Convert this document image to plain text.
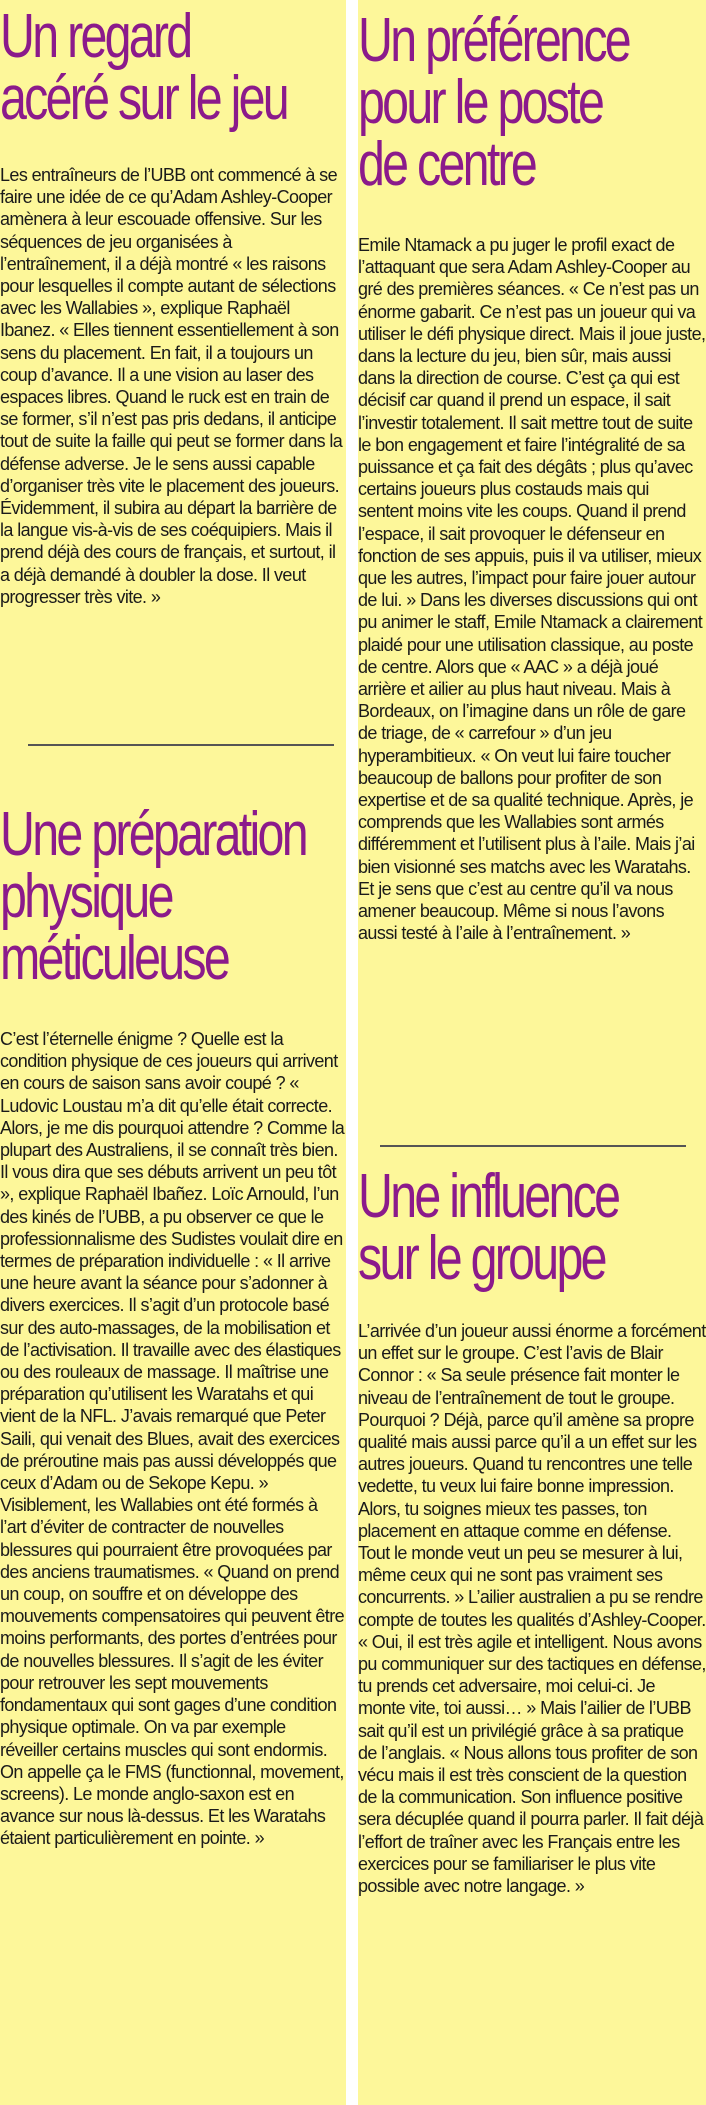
Un regard
acéré sur le jeu

Les entraîneurs de l’UBB ont commencé à se faire une idée de ce qu’Adam Ashley-Cooper amènera à leur escouade offensive. Sur les séquences de jeu organisées à l’entraînement, il a déjà montré « les raisons pour lesquelles il compte autant de sélections avec les Wallabies », explique Raphaël Ibanez. « Elles tiennent essentiellement à son sens du placement. En fait, il a toujours un coup d’avance. Il a une vision au laser des espaces libres. Quand le ruck est en train de se former, s’il n’est pas pris dedans, il anticipe tout de suite la faille qui peut se former dans la défense adverse. Je le sens aussi capable d’organiser très vite le placement des joueurs. Évidemment, il subira au départ la barrière de la langue vis-à-vis de ses coéquipiers. Mais il prend déjà des cours de français, et surtout, il a déjà demandé à doubler la dose. Il veut progresser très vite. »

Une préparation
physique
méticuleuse

C’est l’éternelle énigme ? Quelle est la condition physique de ces joueurs qui arrivent en cours de saison sans avoir coupé ? « Ludovic Loustau m’a dit qu’elle était correcte. Alors, je me dis pourquoi attendre ? Comme la plupart des Australiens, il se connaît très bien. Il vous dira que ses débuts arrivent un peu tôt », explique Raphaël Ibañez. Loïc Arnould, l’un des kinés de l’UBB, a pu observer ce que le professionnalisme des Sudistes voulait dire en termes de préparation individuelle : « Il arrive une heure avant la séance pour s’adonner à divers exercices. Il s’agit d’un protocole basé sur des auto-massages, de la mobilisation et de l’activisation. Il travaille avec des élastiques ou des rouleaux de massage. Il maîtrise une préparation qu’utilisent les Waratahs et qui vient de la NFL. J’avais remarqué que Peter Saili, qui venait des Blues, avait des exercices de préroutine mais pas aussi développés que ceux d’Adam ou de Sekope Kepu. » Visiblement, les Wallabies ont été formés à l’art d’éviter de contracter de nouvelles blessures qui pourraient être provoquées par des anciens traumatismes. « Quand on prend un coup, on souffre et on développe des mouvements compensatoires qui peuvent être moins performants, des portes d’entrées pour de nouvelles blessures. Il s’agit de les éviter pour retrouver les sept mouvements fondamentaux qui sont gages d’une condition physique optimale. On va par exemple réveiller certains muscles qui sont endormis. On appelle ça le FMS (functionnal, movement, screens). Le monde anglo-saxon est en avance sur nous là-dessus. Et les Waratahs étaient particulièrement en pointe. »

Un préférence
pour le poste
de centre

Emile Ntamack a pu juger le profil exact de l’attaquant que sera Adam Ashley-Cooper au gré des premières séances. « Ce n’est pas un énorme gabarit. Ce n’est pas un joueur qui va utiliser le défi physique direct. Mais il joue juste, dans la lecture du jeu, bien sûr, mais aussi dans la direction de course. C’est ça qui est décisif car quand il prend un espace, il sait l’investir totalement. Il sait mettre tout de suite le bon engagement et faire l’intégralité de sa puissance et ça fait des dégâts ; plus qu’avec certains joueurs plus costauds mais qui sentent moins vite les coups. Quand il prend l’espace, il sait provoquer le défenseur en fonction de ses appuis, puis il va utiliser, mieux que les autres, l’impact pour faire jouer autour de lui. » Dans les diverses discussions qui ont pu animer le staff, Emile Ntamack a clairement plaidé pour une utilisation classique, au poste de centre. Alors que « AAC » a déjà joué arrière et ailier au plus haut niveau. Mais à Bordeaux, on l’imagine dans un rôle de gare de triage, de « carrefour » d’un jeu hyperambitieux. « On veut lui faire toucher beaucoup de ballons pour profiter de son expertise et de sa qualité technique. Après, je comprends que les Wallabies sont armés différemment et l’utilisent plus à l’aile. Mais j’ai bien visionné ses matchs avec les Waratahs. Et je sens que c’est au centre qu’il va nous amener beaucoup. Même si nous l’avons aussi testé à l’aile à l’entraînement. »

Une influence
sur le groupe

L’arrivée d’un joueur aussi énorme a forcément un effet sur le groupe. C’est l’avis de Blair Connor : « Sa seule présence fait monter le niveau de l’entraînement de tout le groupe. Pourquoi ? Déjà, parce qu’il amène sa propre qualité mais aussi parce qu’il a un effet sur les autres joueurs. Quand tu rencontres une telle vedette, tu veux lui faire bonne impression. Alors, tu soignes mieux tes passes, ton placement en attaque comme en défense. Tout le monde veut un peu se mesurer à lui, même ceux qui ne sont pas vraiment ses concurrents. » L’ailier australien a pu se rendre compte de toutes les qualités d’Ashley-Cooper. « Oui, il est très agile et intelligent. Nous avons pu communiquer sur des tactiques en défense, tu prends cet adversaire, moi celui-ci. Je monte vite, toi aussi… » Mais l’ailier de l’UBB sait qu’il est un privilégié grâce à sa pratique de l’anglais. « Nous allons tous profiter de son vécu mais il est très conscient de la question de la communication. Son influence positive sera décuplée quand il pourra parler. Il fait déjà l’effort de traîner avec les Français entre les exercices pour se familiariser le plus vite possible avec notre langage. »
